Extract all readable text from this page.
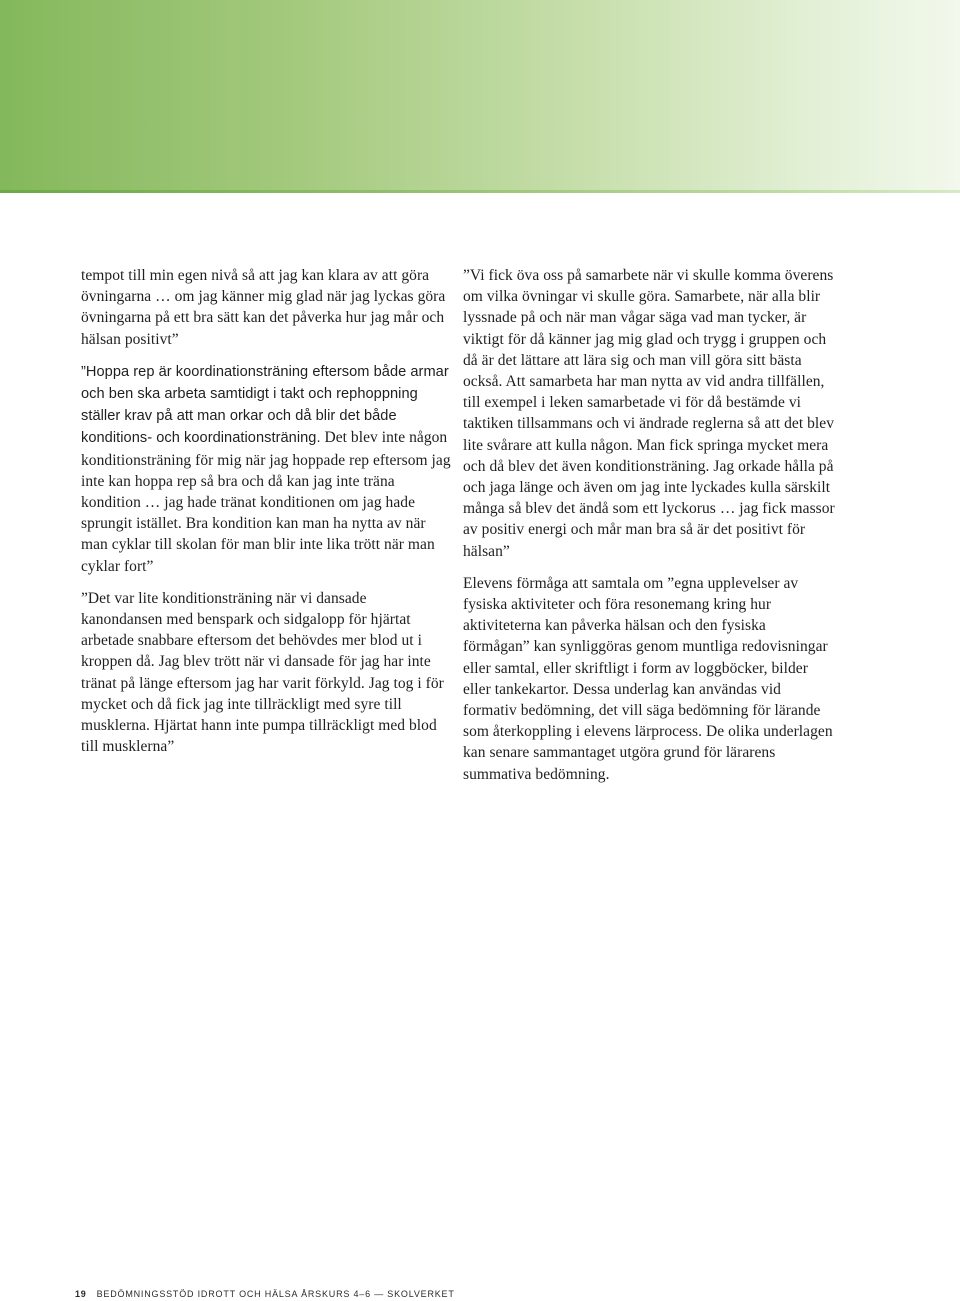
tempot till min egen nivå så att jag kan klara av att göra övningarna … om jag känner mig glad när jag lyckas göra övningarna på ett bra sätt kan det påverka hur jag mår och hälsan positivt”

”Hoppa rep är koordinationsträning eftersom både armar och ben ska arbeta samtidigt i takt och rephoppning ställer krav på att man orkar och då blir det både konditions- och koordinationsträning. Det blev inte någon konditionsträning för mig när jag hoppade rep eftersom jag inte kan hoppa rep så bra och då kan jag inte träna kondition … jag hade tränat konditionen om jag hade sprungit istället. Bra kondition kan man ha nytta av när man cyklar till skolan för man blir inte lika trött när man cyklar fort”

”Det var lite konditionsträning när vi dansade kanondansen med benspark och sidgalopp för hjärtat arbetade snabbare eftersom det behövdes mer blod ut i kroppen då. Jag blev trött när vi dansade för jag har inte tränat på länge eftersom jag har varit förkyld. Jag tog i för mycket och då fick jag inte tillräckligt med syre till musklerna. Hjärtat hann inte pumpa tillräckligt med blod till musklerna”

”Vi fick öva oss på samarbete när vi skulle komma överens om vilka övningar vi skulle göra. Samarbete, när alla blir lyssnade på och när man vågar säga vad man tycker, är viktigt för då känner jag mig glad och trygg i gruppen och då är det lättare att lära sig och man vill göra sitt bästa också. Att samarbeta har man nytta av vid andra tillfällen, till exempel i leken samarbetade vi för då bestämde vi taktiken tillsammans och vi ändrade reglerna så att det blev lite svårare att kulla någon. Man fick springa mycket mera och då blev det även konditionsträning. Jag orkade hålla på och jaga länge och även om jag inte lyckades kulla särskilt många så blev det ändå som ett lyckorus … jag fick massor av positiv energi och mår man bra så är det positivt för hälsan”

Elevens förmåga att samtala om ”egna upplevelser av fysiska aktiviteter och föra resonemang kring hur aktiviteterna kan påverka hälsan och den fysiska förmågan” kan synliggöras genom muntliga redovisningar eller samtal, eller skriftligt i form av loggböcker, bilder eller tankekartor. Dessa underlag kan användas vid formativ bedömning, det vill säga bedömning för lärande som återkoppling i elevens lärprocess. De olika underlagen kan senare sammantaget utgöra grund för lärarens summativa bedömning.

19 BEDÖMNINGSSTÖD IDROTT OCH HÄLSA ÅRSKURS 4–6 — SKOLVERKET
